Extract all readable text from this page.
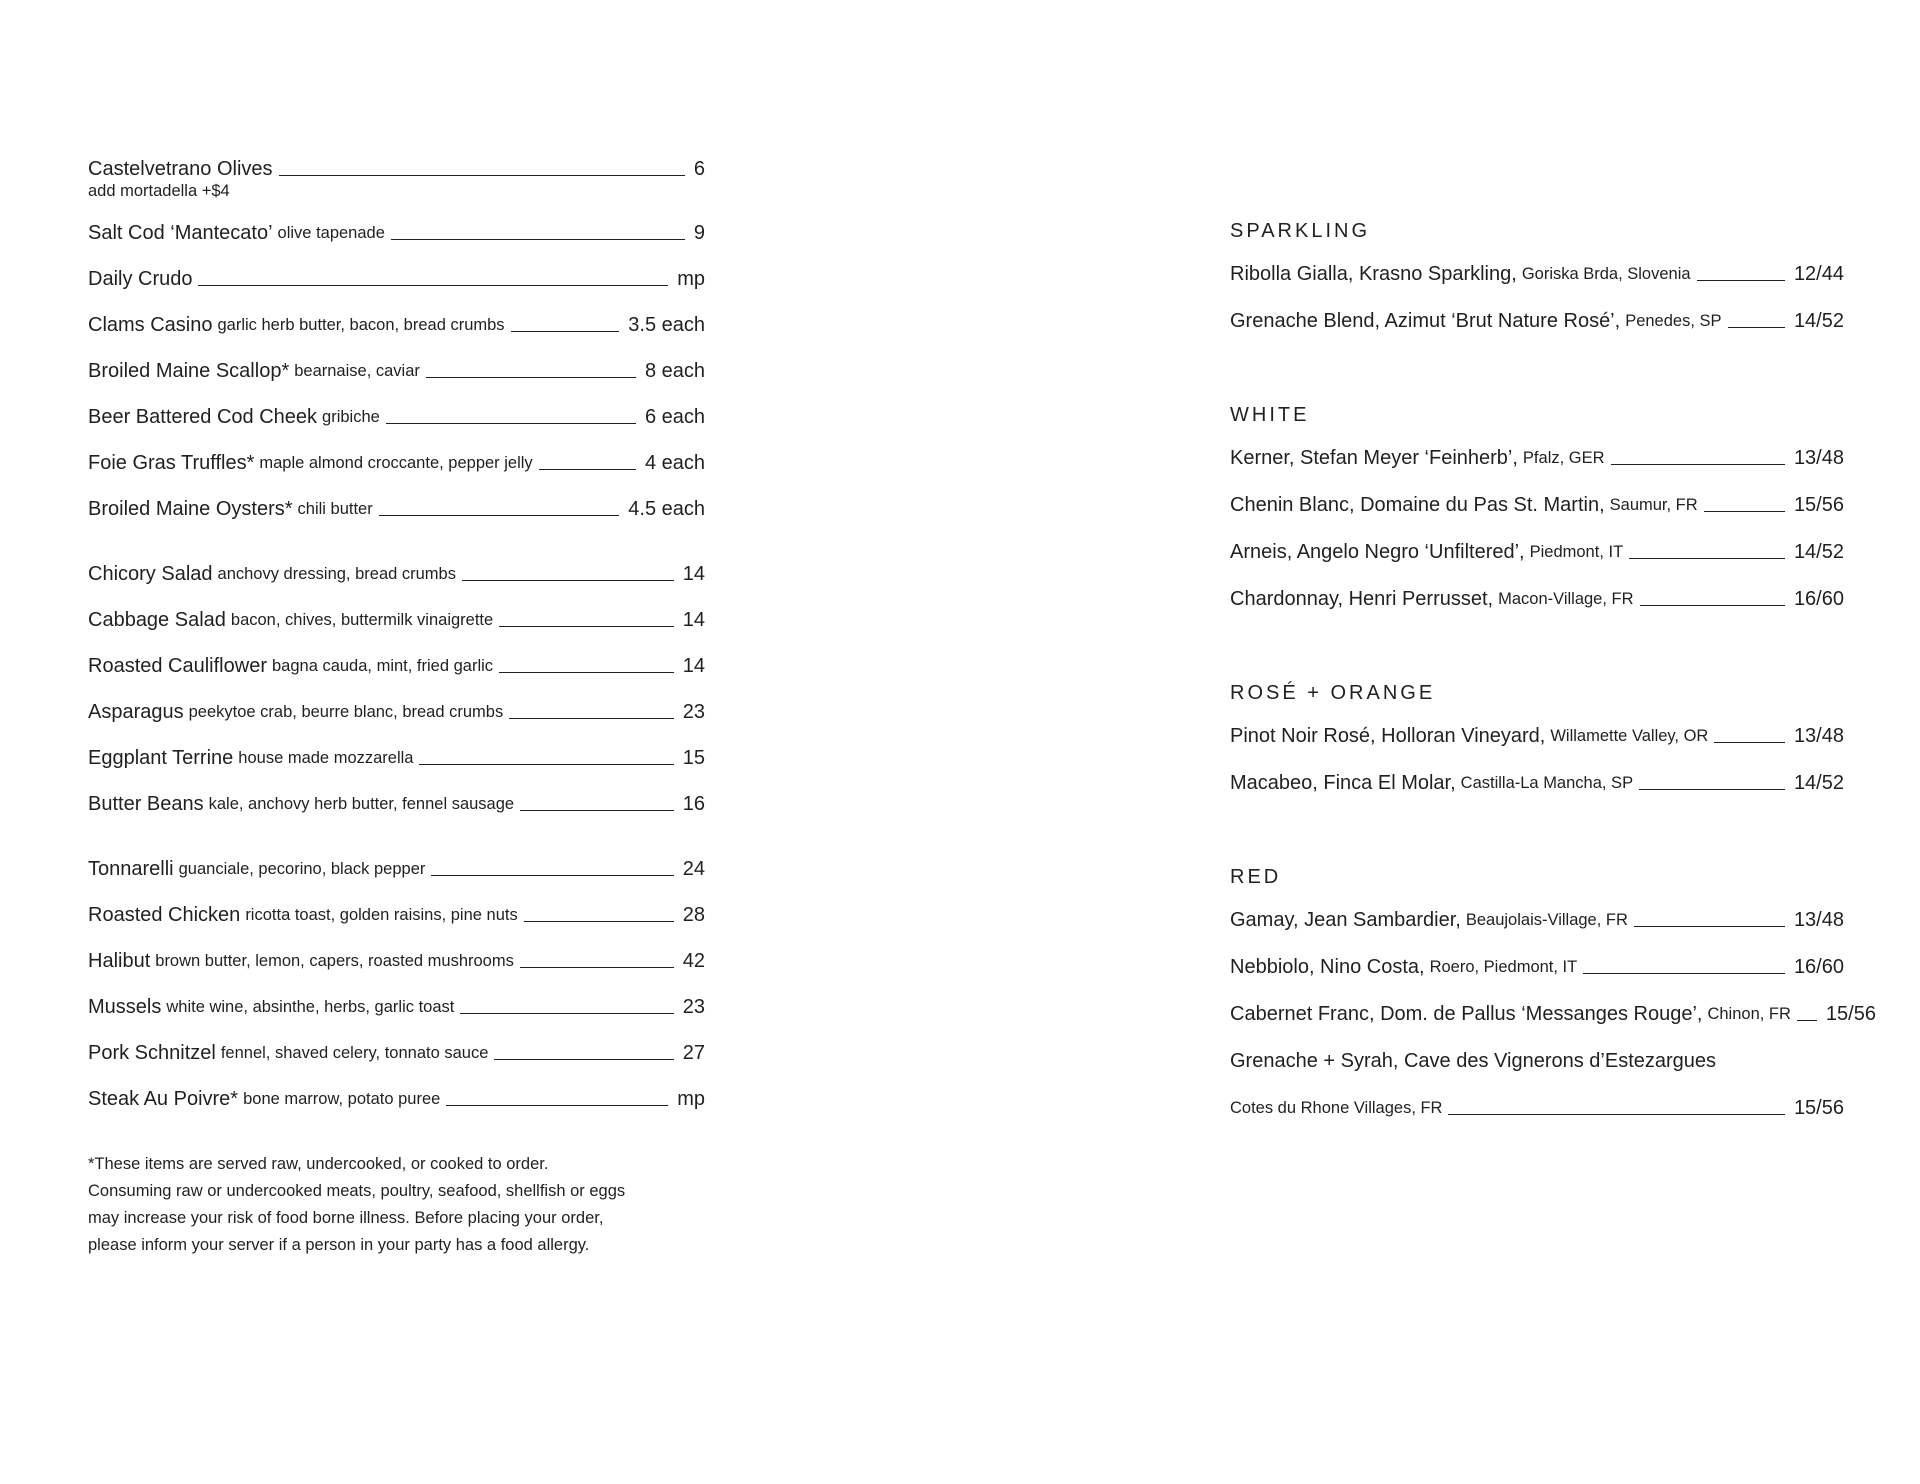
Castelvetrano Olives	6
add mortadella +$4
Salt Cod ‘Mantecato’ olive tapenade	9
Daily Crudo	mp
Clams Casino garlic herb butter, bacon, bread crumbs	3.5 each
Broiled Maine Scallop* bearnaise, caviar	8 each
Beer Battered Cod Cheek gribiche	6 each
Foie Gras Truffles* maple almond croccante, pepper jelly	4 each
Broiled Maine Oysters* chili butter	4.5 each
Chicory Salad anchovy dressing, bread crumbs	14
Cabbage Salad bacon, chives, buttermilk vinaigrette	14
Roasted Cauliflower bagna cauda, mint, fried garlic	14
Asparagus peekytoe crab, beurre blanc, bread crumbs	23
Eggplant Terrine house made mozzarella	15
Butter Beans kale, anchovy herb butter, fennel sausage	16
Tonnarelli guanciale, pecorino, black pepper	24
Roasted Chicken ricotta toast, golden raisins, pine nuts	28
Halibut brown butter, lemon, capers, roasted mushrooms	42
Mussels white wine, absinthe, herbs, garlic toast	23
Pork Schnitzel fennel, shaved celery, tonnato sauce	27
Steak Au Poivre* bone marrow, potato puree	mp
*These items are served raw, undercooked, or cooked to order.
Consuming raw or undercooked meats, poultry, seafood, shellfish or eggs
may increase your risk of food borne illness. Before placing your order,
please inform your server if a person in your party has a food allergy.
SPARKLING
Ribolla Gialla, Krasno Sparkling, Goriska Brda, Slovenia	12/44
Grenache Blend, Azimut ‘Brut Nature Rosé’, Penedes, SP	14/52
WHITE
Kerner, Stefan Meyer ‘Feinherb’, Pfalz, GER	13/48
Chenin Blanc, Domaine du Pas St. Martin, Saumur, FR	15/56
Arneis, Angelo Negro ‘Unfiltered’, Piedmont, IT	14/52
Chardonnay, Henri Perrusset, Macon-Village, FR	16/60
ROSÉ + ORANGE
Pinot Noir Rosé, Holloran Vineyard, Willamette Valley, OR	13/48
Macabeo, Finca El Molar, Castilla-La Mancha, SP	14/52
RED
Gamay, Jean Sambardier, Beaujolais-Village, FR	13/48
Nebbiolo, Nino Costa, Roero, Piedmont, IT	16/60
Cabernet Franc, Dom. de Pallus ‘Messanges Rouge’, Chinon, FR 15/56
Grenache + Syrah, Cave des Vignerons d’Estezargues
Cotes du Rhone Villages, FR	15/56
